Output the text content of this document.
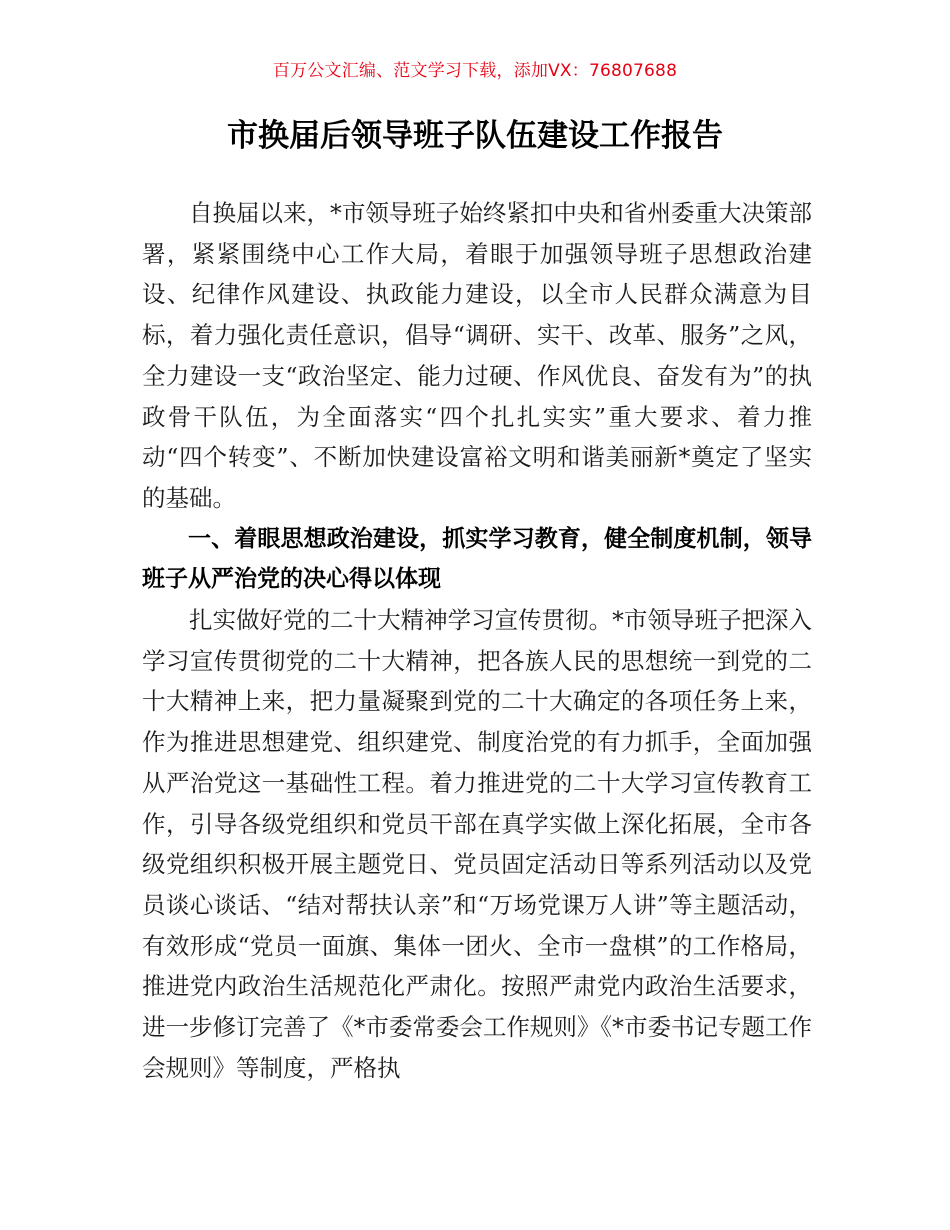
百万公文汇编、范文学习下载，添加VX：76807688
市换届后领导班子队伍建设工作报告

自换届以来，*市领导班子始终紧扣中央和省州委重大决策部署，紧紧围绕中心工作大局，着眼于加强领导班子思想政治建设、纪律作风建设、执政能力建设，以全市人民群众满意为目标，着力强化责任意识，倡导“调研、实干、改革、服务”之风，全力建设一支“政治坚定、能力过硬、作风优良、奋发有为”的执政骨干队伍，为全面落实“四个扎扎实实”重大要求、着力推动“四个转变”、不断加快建设富裕文明和谐美丽新*奠定了坚实的基础。

一、着眼思想政治建设，抓实学习教育，健全制度机制，领导班子从严治党的决心得以体现

扎实做好党的二十大精神学习宣传贯彻。*市领导班子把深入学习宣传贯彻党的二十大精神，把各族人民的思想统一到党的二十大精神上来，把力量凝聚到党的二十大确定的各项任务上来，作为推进思想建党、组织建党、制度治党的有力抓手，全面加强从严治党这一基础性工程。着力推进党的二十大学习宣传教育工作，引导各级党组织和党员干部在真学实做上深化拓展，全市各级党组织积极开展主题党日、党员固定活动日等系列活动以及党员谈心谈话、“结对帮扶认亲”和“万场党课万人讲”等主题活动，有效形成“党员一面旗、集体一团火、全市一盘棋”的工作格局，推进党内政治生活规范化严肃化。按照严肃党内政治生活要求，进一步修订完善了《*市委常委会工作规则》《*市委书记专题工作会规则》等制度，严格执
